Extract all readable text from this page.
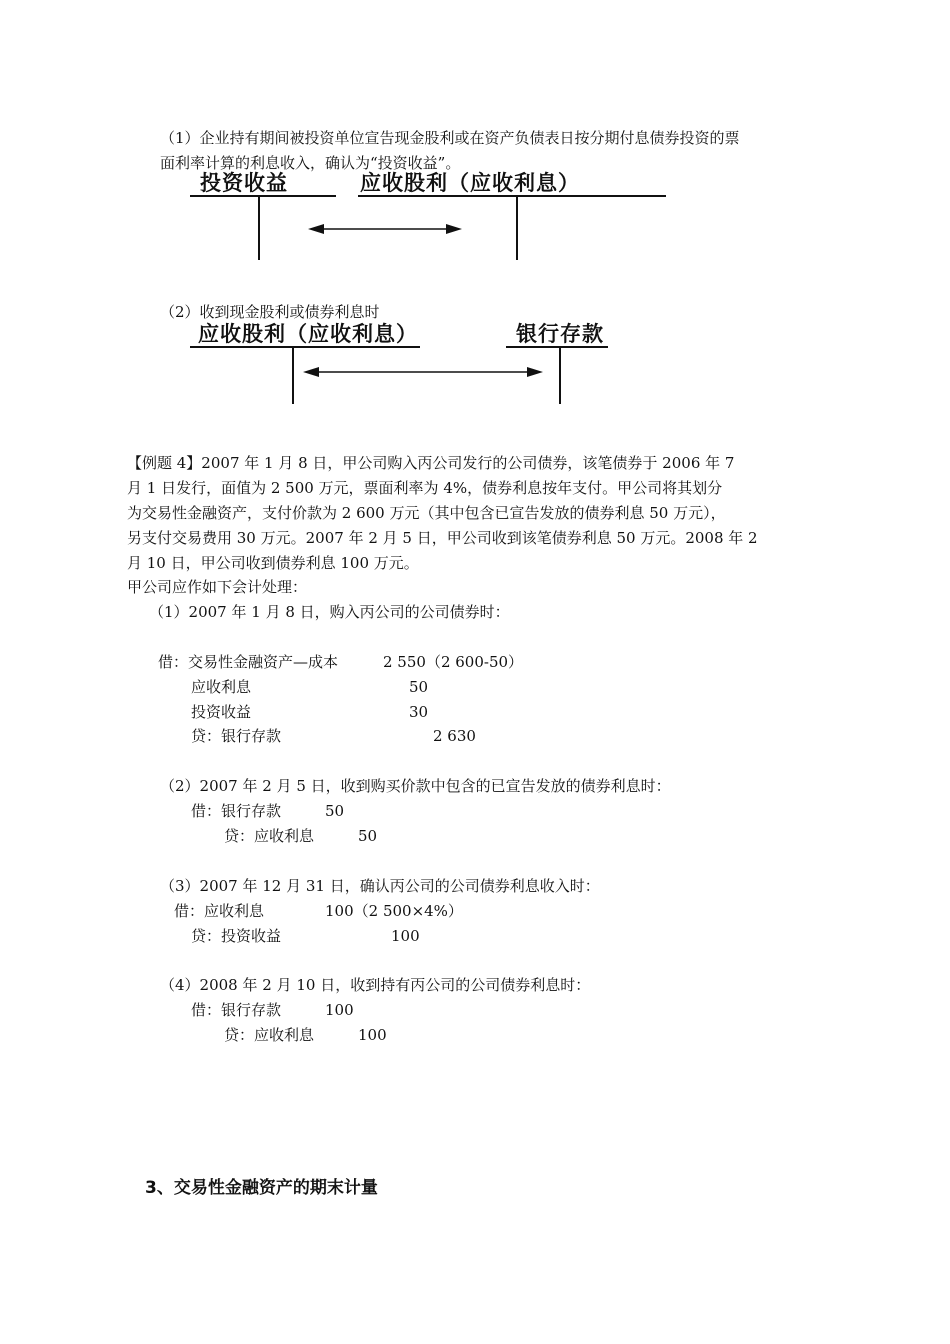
（1）企业持有期间被投资单位宣告现金股利或在资产负债表日按分期付息债券投资的票
面利率计算的利息收入，确认为“投资收益”。
投资收益	应收股利（应收利息）
（2）收到现金股利或债券利息时
应收股利（应收利息）	银行存款
【例题 4】2007 年 1 月 8 日，甲公司购入丙公司发行的公司债券，该笔债券于 2006 年 7
月 1 日发行，面值为 2 500 万元，票面利率为 4%，债券利息按年支付。甲公司将其划分
为交易性金融资产，支付价款为 2 600 万元（其中包含已宣告发放的债券利息 50 万元），
另支付交易费用 30 万元。2007 年 2 月 5 日，甲公司收到该笔债券利息 50 万元。2008 年 2
月 10 日，甲公司收到债券利息 100 万元。
甲公司应作如下会计处理：
（1）2007 年 1 月 8 日，购入丙公司的公司债券时：
借：交易性金融资产—成本	2 550（2 600-50）
应收利息	50
投资收益	30
贷：银行存款	2 630
（2）2007 年 2 月 5 日，收到购买价款中包含的已宣告发放的债券利息时：
借：银行存款	50
贷：应收利息	50
（3）2007 年 12 月 31 日，确认丙公司的公司债券利息收入时：
借：应收利息	100（2 500×4%）
贷：投资收益	100
（4）2008 年 2 月 10 日，收到持有丙公司的公司债券利息时：
借：银行存款	100
贷：应收利息	100
3、交易性金融资产的期末计量
